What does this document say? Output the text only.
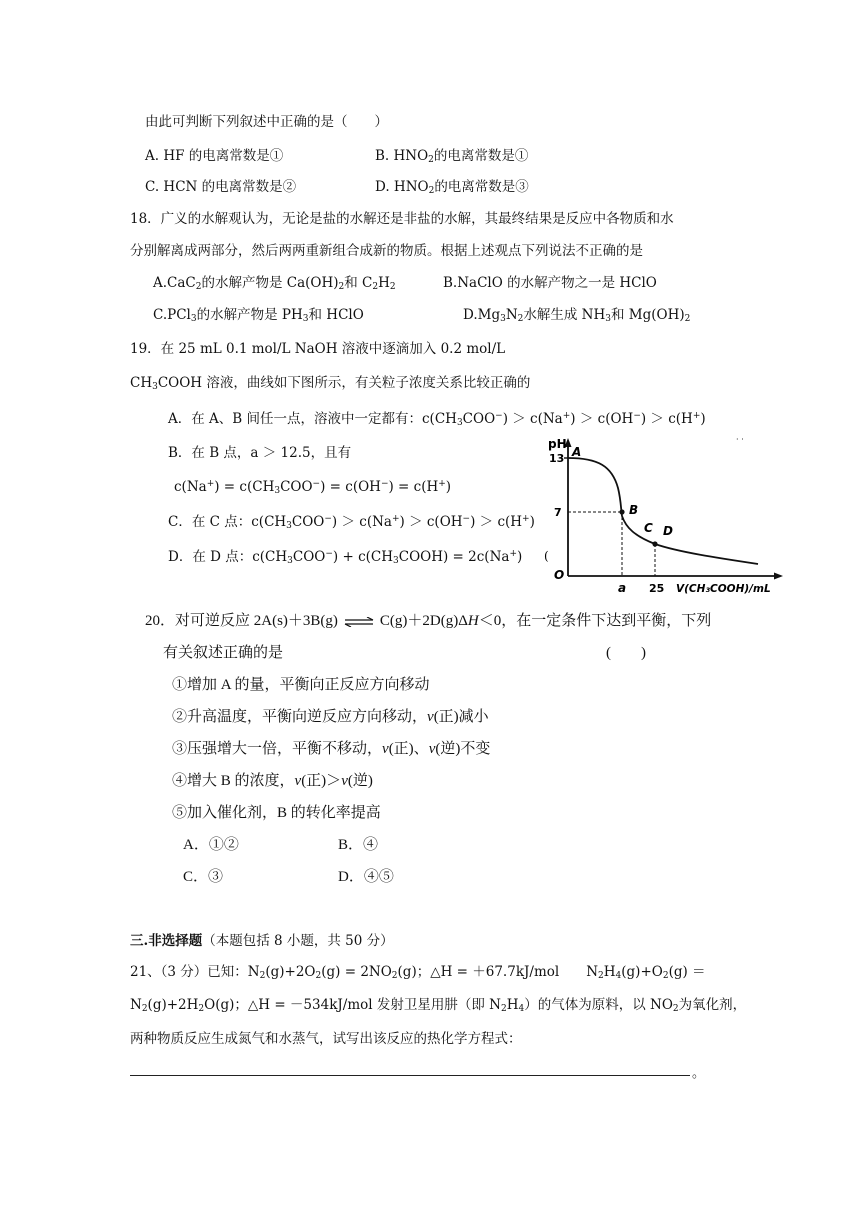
由此可判断下列叙述中正确的是（　　）
A. HF 的电离常数是①	B. $HNO_2$的电离常数是①
C. HCN 的电离常数是②	D. $HNO_2$的电离常数是③
18．广义的水解观认为，无论是盐的水解还是非盐的水解，其最终结果是反应中各物质和水
分别解离成两部分，然后两两重新组合成新的物质。根据上述观点下列说法不正确的是
A.CaC$_2$的水解产物是 $Ca(OH)_2$和 $C_2H_2$	B.NaClO 的水解产物之一是 HClO
C.PCl$_3$的水解产物是 $PH_3$和 HClO	$D.Mg_3N_2$水解生成 $NH_3$和 $Mg(OH)_2$
19．在 25 mL 0.1 mol/L NaOH 溶液中逐滴加入 0.2 mol/L
$CH_3COOH$ 溶液，曲线如下图所示，有关粒子浓度关系比较正确的
A．在 A、B 间任一点，溶液中一定都有：$c(CH_3COO^-) > c(Na^+) > c(OH^-) > c(H^+)$
B．在 B 点，a ＞ 12.5，且有
$c(Na^+) = c(CH_3COO^-) = c(OH^-) = c(H^+)$
C．在 C 点：$c(CH_3COO^-) > c(Na^+) > c(OH^-) > c(H^+)$
D．在 D 点：$c(CH_3COO^-)$ + $c(CH_3COOH) = 2c(Na^+)$
· ·
(
pH
13
7
O
a 25 V(CH₃COOH)/mL
A
B
C D
20．对可逆反应 2A(s)＋3B(g) ⇌ C(g)＋2D(g)ΔH＜0，在一定条件下达到平衡，下列
有关叙述正确的是	(　　)
①增加 A 的量，平衡向正反应方向移动
②升高温度，平衡向逆反应方向移动，v(正)减小
③压强增大一倍，平衡不移动，v(正)、v(逆)不变
④增大 B 的浓度，v(正)＞v(逆)
⑤加入催化剂，B 的转化率提高
A．①②	B．④
C．③	D．④⑤
三.非选择题（本题包括 8 小题，共 50 分）
21、（3 分）已知：$N_2(g)+2O_2(g) = 2NO_2(g)$；△H = ＋67.7kJ/mol　　$N_2H_4(g)+O_2(g)$ ＝
$N_2(g)+2H_2O(g)$；△H = －534kJ/mol 发射卫星用肼（即 $N_2H_4$）的气体为原料，以 $NO_2$为氧化剂，
两种物质反应生成氮气和水蒸气，试写出该反应的热化学方程式：
。
